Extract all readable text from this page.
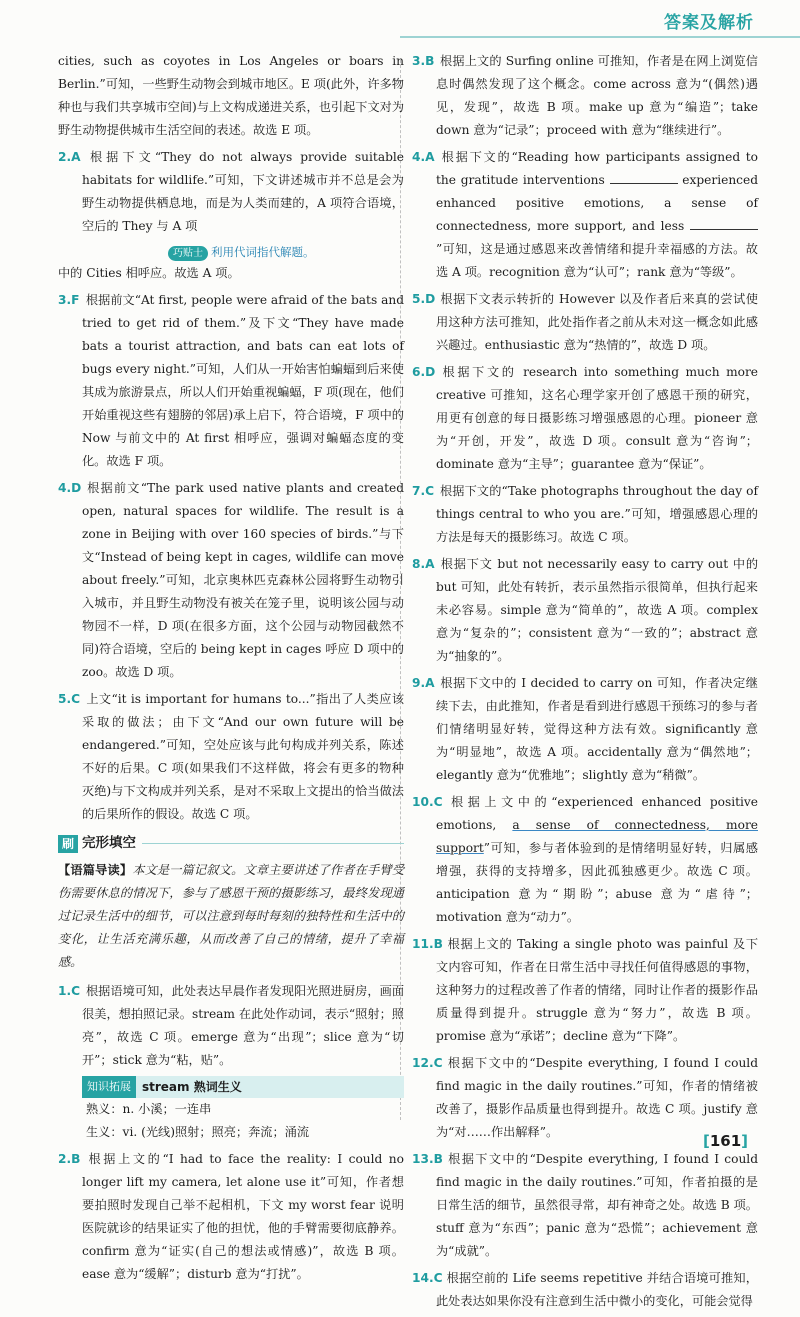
答案及解析

cities, such as coyotes in Los Angeles or boars in Berlin.”可知，一些野生动物会到城市地区。E 项(此外，许多物种也与我们共享城市空间)与上文构成递进关系，也引起下文对为野生动物提供城市生活空间的表述。故选 E 项。

2.A 根据下文“They do not always provide suitable habitats for wildlife.”可知，下文讲述城市并不总是会为野生动物提供栖息地，而是为人类而建的，A 项符合语境，空后的 They 与 A 项
巧贴士 利用代词指代解题。

中的 Cities 相呼应。故选 A 项。

3.F 根据前文“At first, people were afraid of the bats and tried to get rid of them.”及下文“They have made bats a tourist attraction, and bats can eat lots of bugs every night.”可知，人们从一开始害怕蝙蝠到后来使其成为旅游景点，所以人们开始重视蝙蝠，F 项(现在，他们开始重视这些有翅膀的邻居)承上启下，符合语境，F 项中的 Now 与前文中的 At first 相呼应，强调对蝙蝠态度的变化。故选 F 项。
4.D 根据前文“The park used native plants and created open, natural spaces for wildlife. The result is a zone in Beijing with over 160 species of birds.”与下文“Instead of being kept in cages, wildlife can move about freely.”可知，北京奥林匹克森林公园将野生动物引入城市，并且野生动物没有被关在笼子里，说明该公园与动物园不一样，D 项(在很多方面，这个公园与动物园截然不同)符合语境，空后的 being kept in cages 呼应 D 项中的 zoo。故选 D 项。
5.C 上文“it is important for humans to...”指出了人类应该采取的做法；由下文“And our own future will be endangered.”可知，空处应该与此句构成并列关系，陈述不好的后果。C 项(如果我们不这样做，将会有更多的物种灭绝)与下文构成并列关系，是对不采取上文提出的恰当做法的后果所作的假设。故选 C 项。
刷 完形填空

【语篇导读】本文是一篇记叙文。文章主要讲述了作者在手臂受伤需要休息的情况下，参与了感恩干预的摄影练习，最终发现通过记录生活中的细节，可以注意到每时每刻的独特性和生活中的变化，让生活充满乐趣，从而改善了自己的情绪，提升了幸福感。

1.C 根据语境可知，此处表达早晨作者发现阳光照进厨房，画面很美，想拍照记录。stream 在此处作动词，表示“照射；照亮”，故选 C 项。emerge 意为“出现”；slice 意为“切开”；stick 意为“粘，贴”。
知识拓展 stream 熟词生义
熟义：n. 小溪；一连串
生义：vi. (光线)照射；照亮；奔流；涌流
2.B 根据上文的“I had to face the reality: I could no longer lift my camera, let alone use it”可知，作者想要拍照时发现自己举不起相机，下文 my worst fear 说明医院就诊的结果证实了他的担忧，他的手臂需要彻底静养。confirm 意为“证实(自己的想法或情感)”，故选 B 项。ease 意为“缓解”；disturb 意为“打扰”。
3.B 根据上文的 Surfing online 可推知，作者是在网上浏览信息时偶然发现了这个概念。come across 意为“(偶然)遇见，发现”，故选 B 项。make up 意为“编造”；take down 意为“记录”；proceed with 意为“继续进行”。
4.A 根据下文的“Reading how participants assigned to the gratitude interventions	experienced enhanced positive emotions, a sense of connectedness, more support, and less ”可知，这是通过感恩来改善情绪和提升幸福感的方法。故选 A 项。recognition 意为“认可”；rank 意为“等级”。
5.D 根据下文表示转折的 However 以及作者后来真的尝试使用这种方法可推知，此处指作者之前从未对这一概念如此感兴趣过。enthusiastic 意为“热情的”，故选 D 项。
6.D 根据下文的 research into something much more creative 可推知，这名心理学家开创了感恩干预的研究，用更有创意的每日摄影练习增强感恩的心理。pioneer 意为“开创，开发”，故选 D 项。consult 意为“咨询”；dominate 意为“主导”；guarantee 意为“保证”。
7.C 根据下文的“Take photographs throughout the day of things central to who you are.”可知，增强感恩心理的方法是每天的摄影练习。故选 C 项。
8.A 根据下文 but not necessarily easy to carry out 中的 but 可知，此处有转折，表示虽然指示很简单，但执行起来未必容易。simple 意为“简单的”，故选 A 项。complex 意为“复杂的”；consistent 意为“一致的”；abstract 意为“抽象的”。
9.A 根据下文中的 I decided to carry on 可知，作者决定继续下去，由此推知，作者是看到进行感恩干预练习的参与者们情绪明显好转，觉得这种方法有效。significantly 意为“明显地”，故选 A 项。accidentally 意为“偶然地”；elegantly 意为“优雅地”；slightly 意为“稍微”。
10.C 根据上文中的“experienced enhanced positive emotions, a sense of connectedness, more support”可知，参与者体验到的是情绪明显好转，归属感增强，获得的支持增多，因此孤独感更少。故选 C 项。anticipation 意为“期盼”；abuse 意为“虐待”；motivation 意为“动力”。
11.B 根据上文的 Taking a single photo was painful 及下文内容可知，作者在日常生活中寻找任何值得感恩的事物，这种努力的过程改善了作者的情绪，同时让作者的摄影作品质量得到提升。struggle 意为“努力”，故选 B 项。promise 意为“承诺”；decline 意为“下降”。
12.C 根据下文中的“Despite everything, I found I could find magic in the daily routines.”可知，作者的情绪被改善了，摄影作品质量也得到提升。故选 C 项。justify 意为“对……作出解释”。
13.B 根据下文中的“Despite everything, I found I could find magic in the daily routines.”可知，作者拍摄的是日常生活的细节，虽然很寻常，却有神奇之处。故选 B 项。stuff 意为“东西”；panic 意为“恐慌”；achievement 意为“成就”。
14.C 根据空前的 Life seems repetitive 并结合语境可推知，此处表达如果你没有注意到生活中微小的变化，可能会觉得
[161]
